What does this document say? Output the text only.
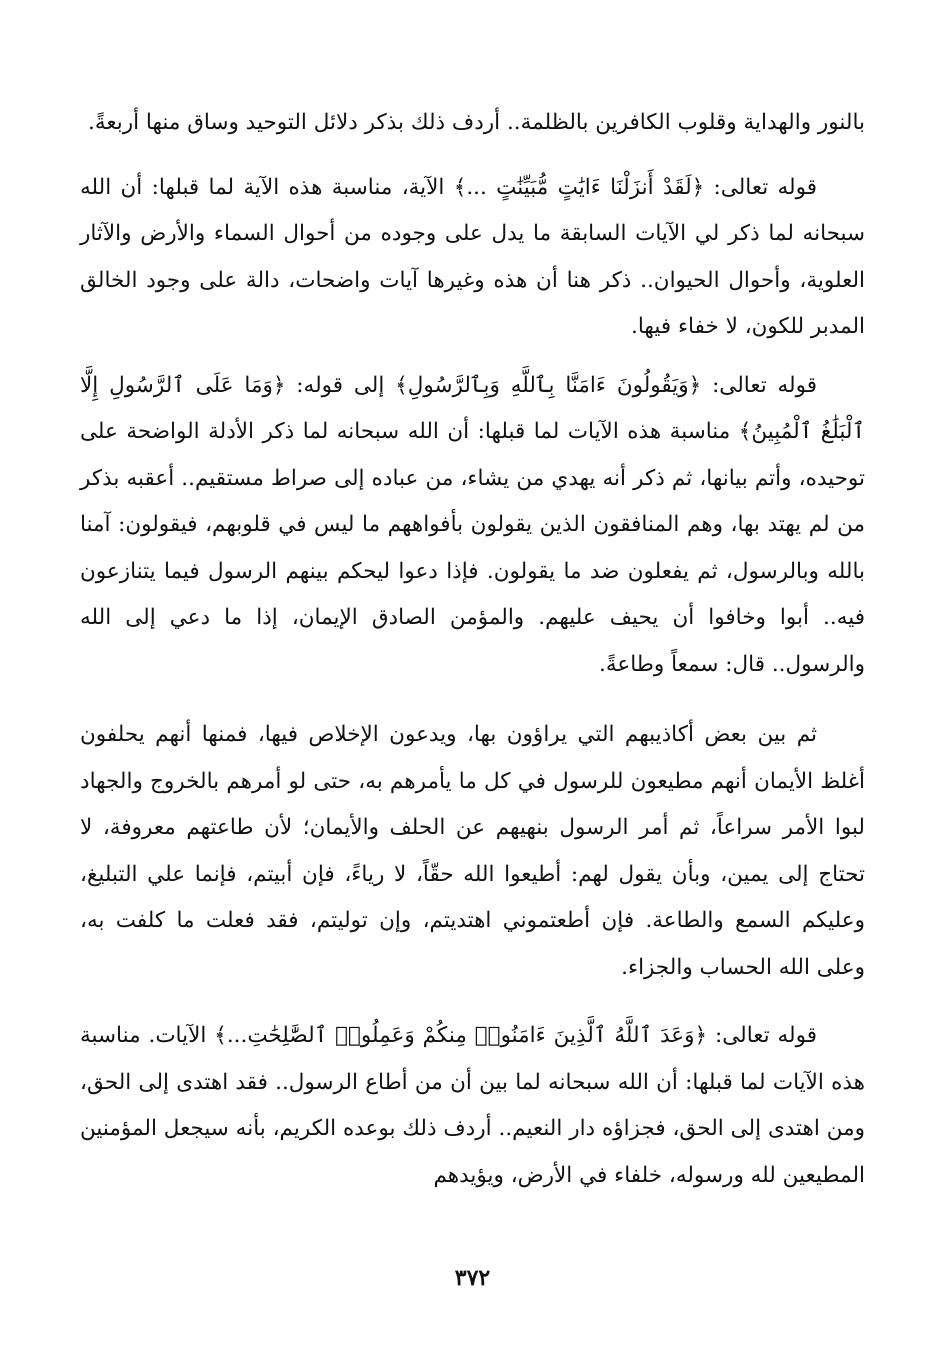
بالنور والهداية وقلوب الكافرين بالظلمة.. أردف ذلك بذكر دلائل التوحيد وساق منها أربعةً.

قوله تعالى: ﴿لَقَدْ أَنزَلْنَا ءَايَٰتٍ مُّبَيِّنَٰتٍ ...﴾ الآية، مناسبة هذه الآية لما قبلها: أن الله سبحانه لما ذكر لي الآيات السابقة ما يدل على وجوده من أحوال السماء والأرض والآثار العلوية، وأحوال الحيوان.. ذكر هنا أن هذه وغيرها آيات واضحات، دالة على وجود الخالق المدبر للكون، لا خفاء فيها.

قوله تعالى: ﴿وَيَقُولُونَ ءَامَنَّا بِٱللَّهِ وَبِٱلرَّسُولِ﴾ إلى قوله: ﴿وَمَا عَلَى ٱلرَّسُولِ إِلَّا ٱلْبَلَٰغُ ٱلْمُبِينُ﴾ مناسبة هذه الآيات لما قبلها: أن الله سبحانه لما ذكر الأدلة الواضحة على توحيده، وأتم بيانها، ثم ذكر أنه يهدي من يشاء، من عباده إلى صراط مستقيم.. أعقبه بذكر من لم يهتد بها، وهم المنافقون الذين يقولون بأفواههم ما ليس في قلوبهم، فيقولون: آمنا بالله وبالرسول، ثم يفعلون ضد ما يقولون. فإذا دعوا ليحكم بينهم الرسول فيما يتنازعون فيه.. أبوا وخافوا أن يحيف عليهم. والمؤمن الصادق الإيمان، إذا ما دعي إلى الله والرسول.. قال: سمعاً وطاعةً.

ثم بين بعض أكاذيبهم التي يراؤون بها، ويدعون الإخلاص فيها، فمنها أنهم يحلفون أغلظ الأيمان أنهم مطيعون للرسول في كل ما يأمرهم به، حتى لو أمرهم بالخروج والجهاد لبوا الأمر سراعاً، ثم أمر الرسول بنهيهم عن الحلف والأيمان؛ لأن طاعتهم معروفة، لا تحتاج إلى يمين، وبأن يقول لهم: أطيعوا الله حقّاً، لا رياءً، فإن أبيتم، فإنما علي التبليغ، وعليكم السمع والطاعة. فإن أطعتموني اهتديتم، وإن توليتم، فقد فعلت ما كلفت به، وعلى الله الحساب والجزاء.

قوله تعالى: ﴿وَعَدَ ٱللَّهُ ٱلَّذِينَ ءَامَنُوا۟ مِنكُمْ وَعَمِلُوا۟ ٱلصَّٰلِحَٰتِ...﴾ الآيات. مناسبة هذه الآيات لما قبلها: أن الله سبحانه لما بين أن من أطاع الرسول.. فقد اهتدى إلى الحق، ومن اهتدى إلى الحق، فجزاؤه دار النعيم.. أردف ذلك بوعده الكريم، بأنه سيجعل المؤمنين المطيعين لله ورسوله، خلفاء في الأرض، ويؤيدهم

٣٧٢
